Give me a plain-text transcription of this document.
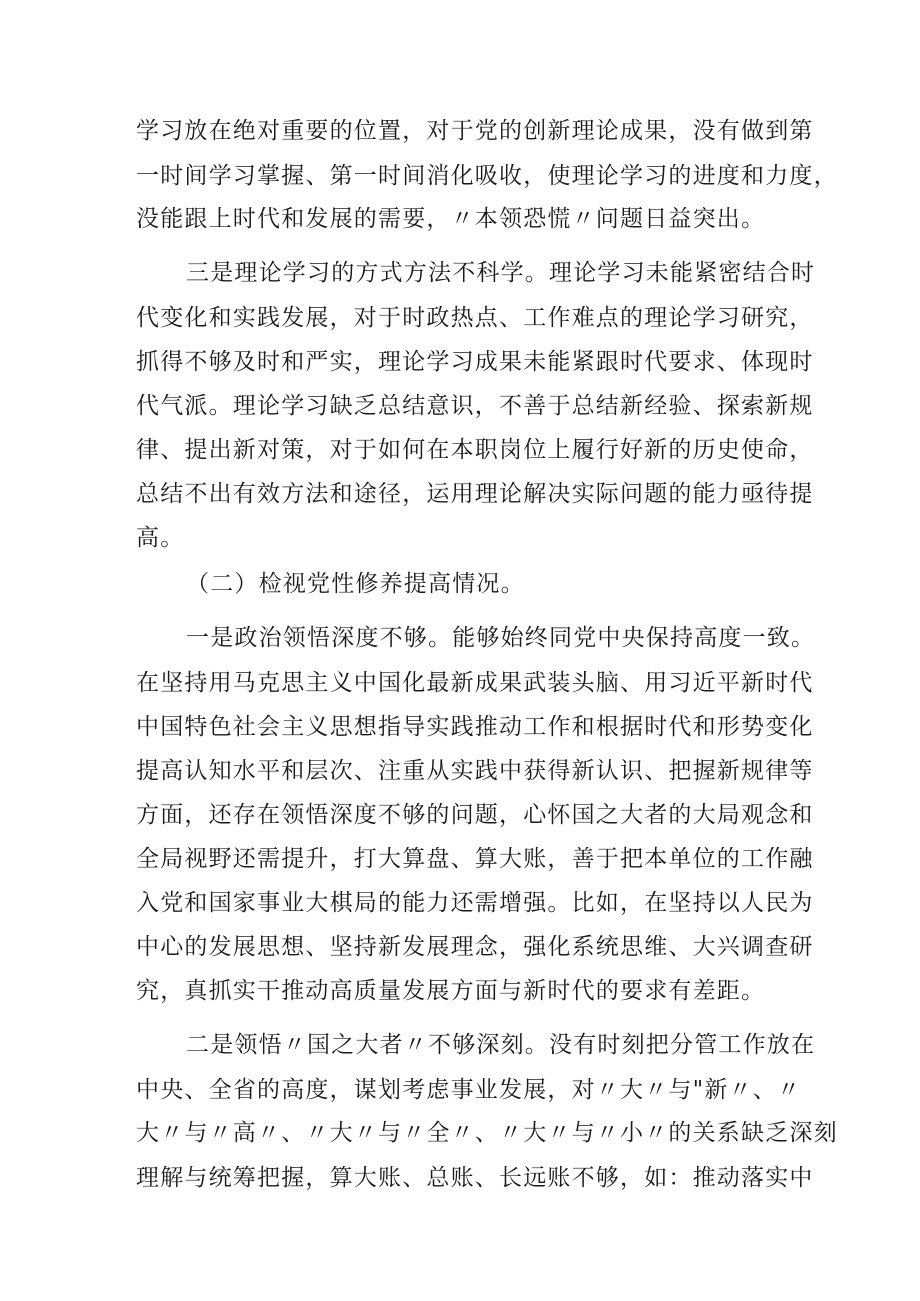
学习放在绝对重要的位置，对于党的创新理论成果，没有做到第
一时间学习掌握、第一时间消化吸收，使理论学习的进度和力度，
没能跟上时代和发展的需要，〃本领恐慌〃问题日益突出。
三是理论学习的方式方法不科学。理论学习未能紧密结合时
代变化和实践发展，对于时政热点、工作难点的理论学习研究，
抓得不够及时和严实，理论学习成果未能紧跟时代要求、体现时
代气派。理论学习缺乏总结意识，不善于总结新经验、探索新规
律、提出新对策，对于如何在本职岗位上履行好新的历史使命，
总结不出有效方法和途径，运用理论解决实际问题的能力亟待提
高。
（二）检视党性修养提高情况。
一是政治领悟深度不够。能够始终同党中央保持高度一致。
在坚持用马克思主义中国化最新成果武装头脑、用习近平新时代
中国特色社会主义思想指导实践推动工作和根据时代和形势变化
提高认知水平和层次、注重从实践中获得新认识、把握新规律等
方面，还存在领悟深度不够的问题，心怀国之大者的大局观念和
全局视野还需提升，打大算盘、算大账，善于把本单位的工作融
入党和国家事业大棋局的能力还需增强。比如，在坚持以人民为
中心的发展思想、坚持新发展理念，强化系统思维、大兴调查研
究，真抓实干推动高质量发展方面与新时代的要求有差距。
二是领悟〃国之大者〃不够深刻。没有时刻把分管工作放在
中央、全省的高度，谋划考虑事业发展，对〃大〃与"新〃、〃
大〃与〃高〃、〃大〃与〃全〃、〃大〃与〃小〃的关系缺乏深刻
理解与统筹把握，算大账、总账、长远账不够，如：推动落实中
